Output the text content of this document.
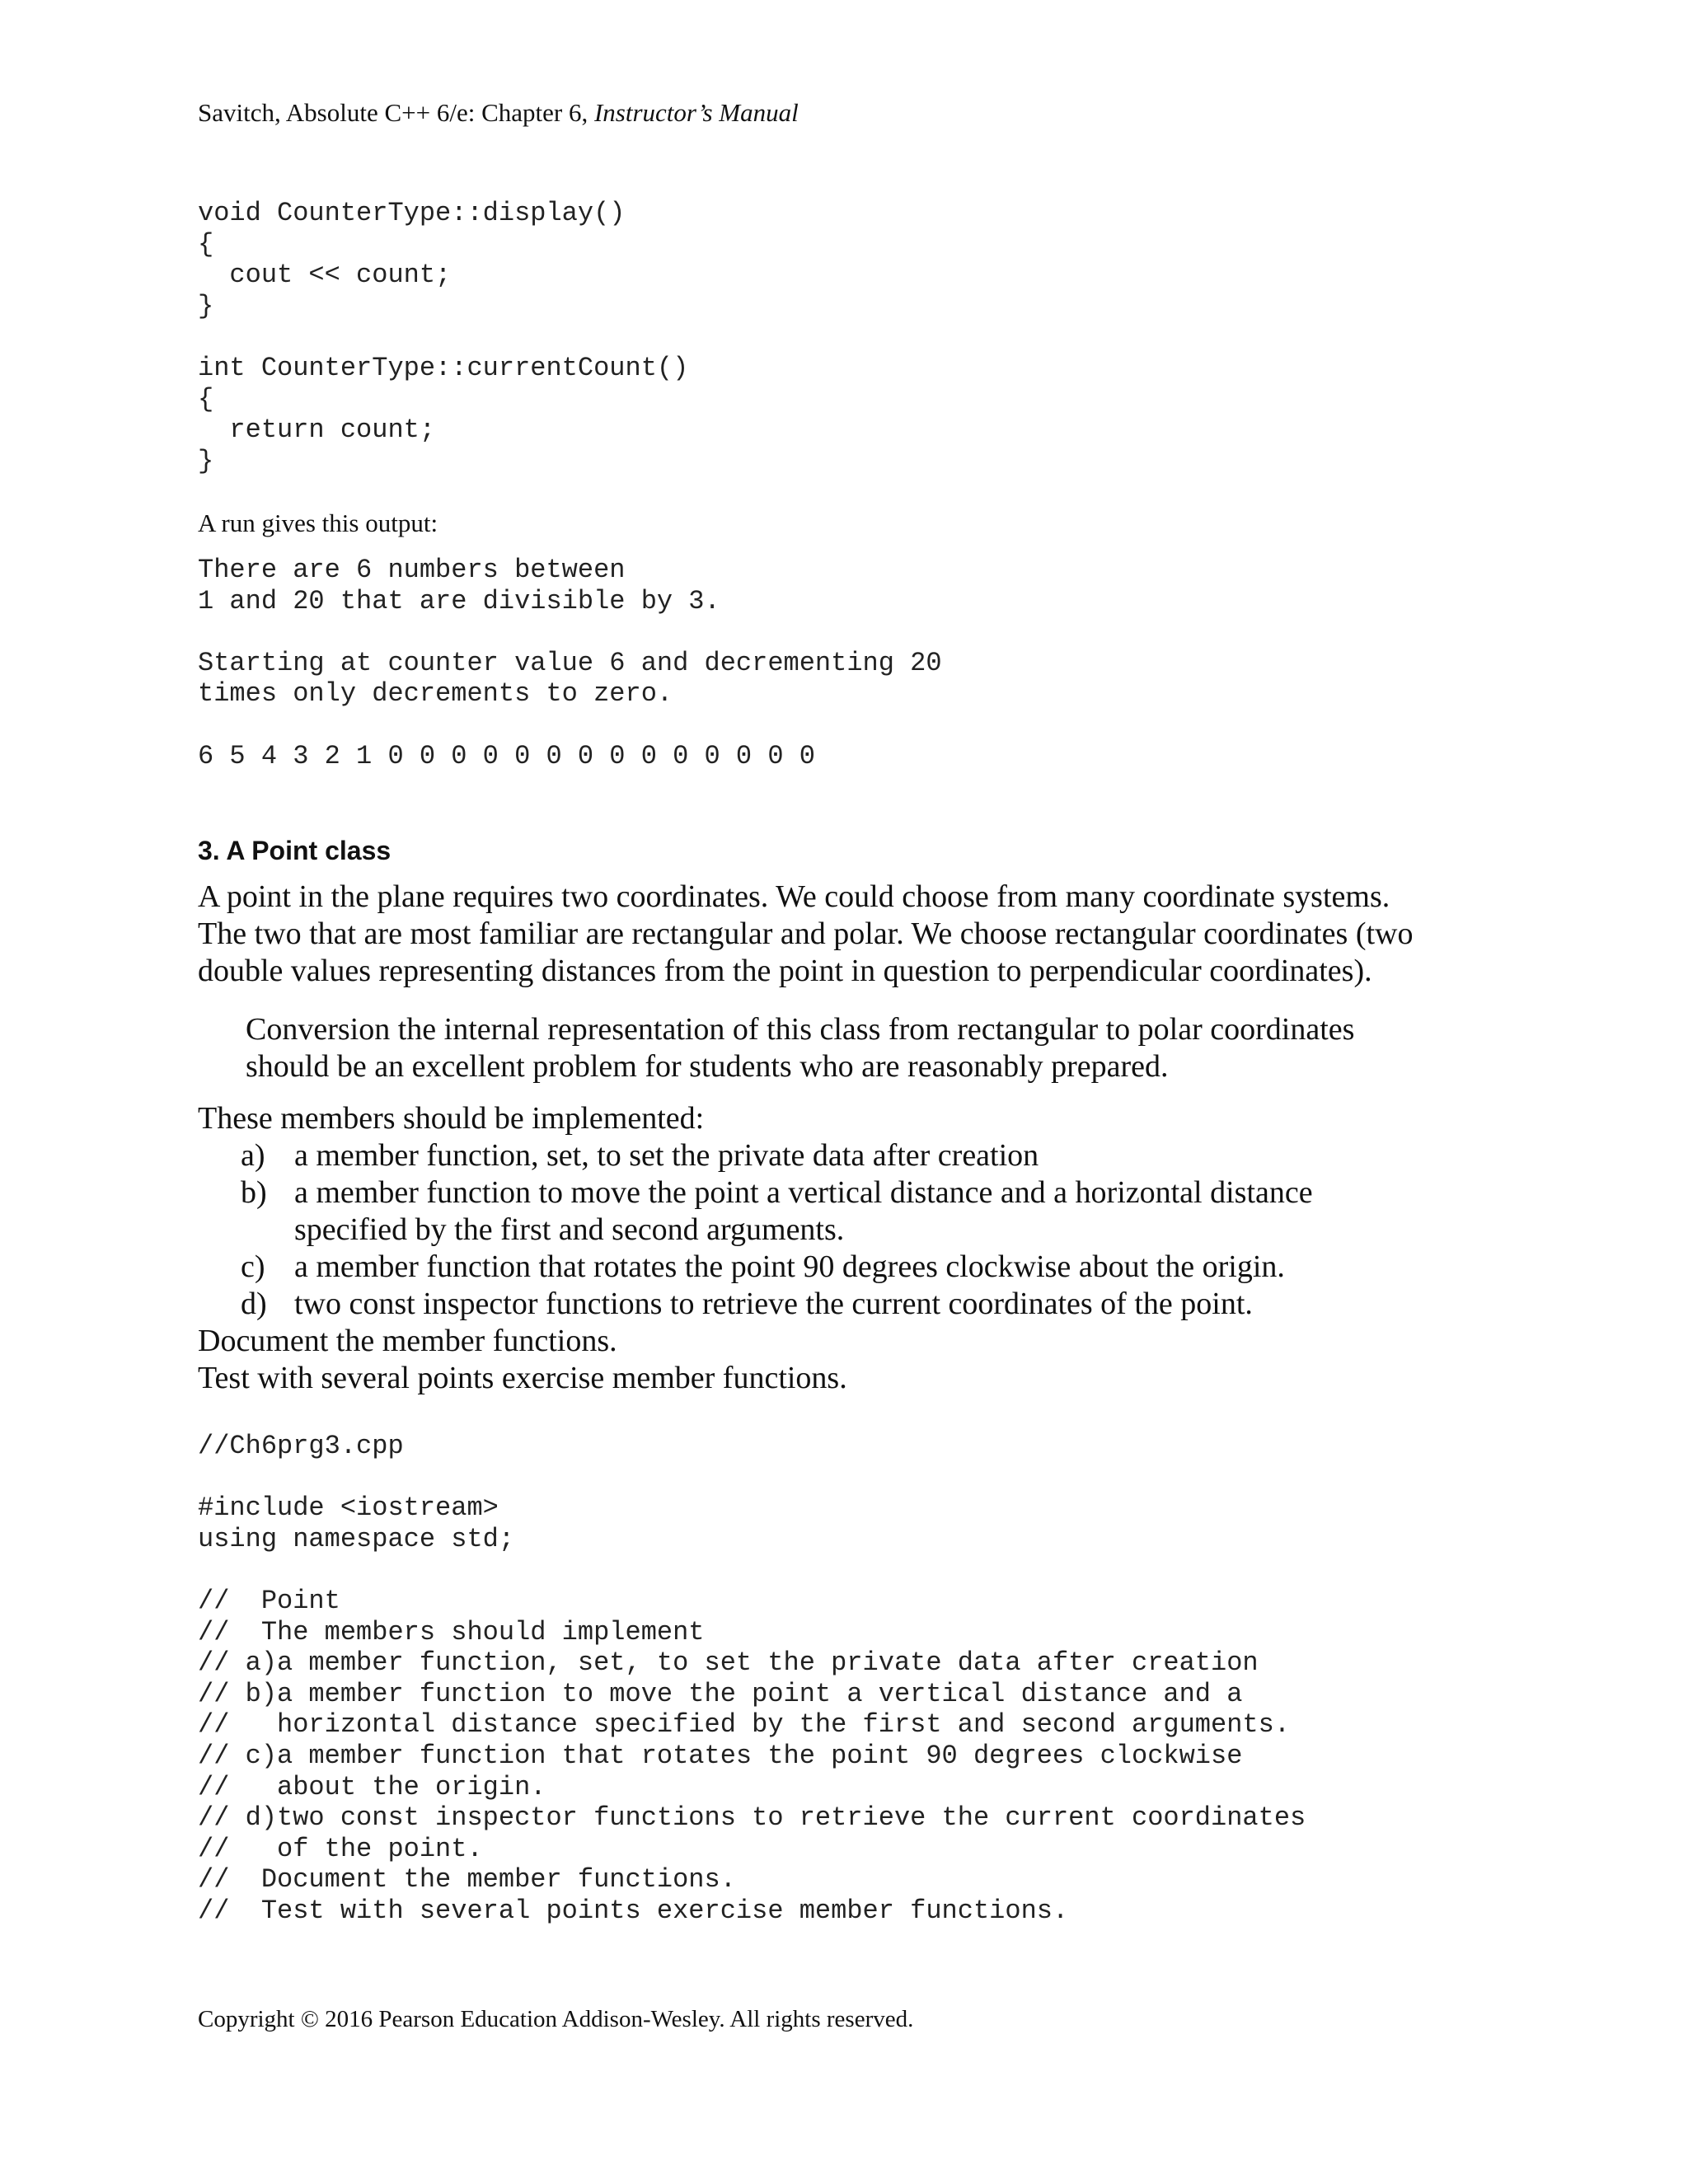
Savitch, Absolute C++ 6/e: Chapter 6, Instructor’s Manual
void CounterType::display()
{
cout << count;
}

int CounterType::currentCount()
{
return count;
}
A run gives this output:
There are 6 numbers between
1 and 20 that are divisible by 3.

Starting at counter value 6 and decrementing 20
times only decrements to zero.

6 5 4 3 2 1 0 0 0 0 0 0 0 0 0 0 0 0 0 0
3. A Point class
A point in the plane requires two coordinates. We could choose from many coordinate systems.
The two that are most familiar are rectangular and polar. We choose rectangular coordinates (two
double values representing distances from the point in question to perpendicular coordinates).
Conversion the internal representation of this class from rectangular to polar coordinates
should be an excellent problem for students who are reasonably prepared.
These members should be implemented:
a) a member function, set, to set the private data after creation
b) a member function to move the point a vertical distance and a horizontal distance specified by the first and second arguments.
c) a member function that rotates the point 90 degrees clockwise about the origin.
d) two const inspector functions to retrieve the current coordinates of the point.
Document the member functions.
Test with several points exercise member functions.
//Ch6prg3.cpp

#include <iostream>
using namespace std;

//  Point
//  The members should implement
// a)a member function, set, to set the private data after creation
// b)a member function to move the point a vertical distance and a
//   horizontal distance specified by the first and second arguments.
// c)a member function that rotates the point 90 degrees clockwise
//   about the origin.
// d)two const inspector functions to retrieve the current coordinates
//   of the point.
//  Document the member functions.
//  Test with several points exercise member functions.
Copyright © 2016 Pearson Education Addison-Wesley. All rights reserved.
